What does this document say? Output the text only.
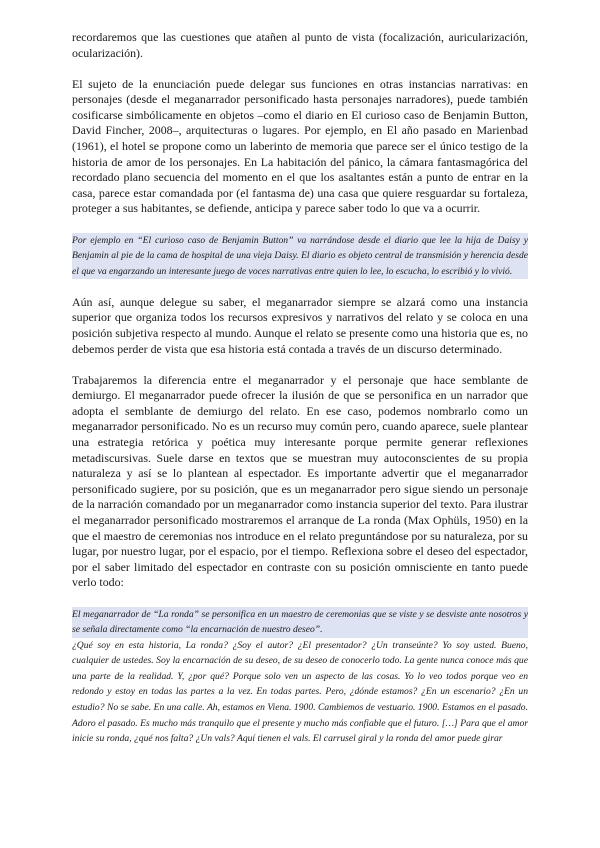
recordaremos que las cuestiones que atañen al punto de vista (focalización, auricularización, ocularización).

El sujeto de la enunciación puede delegar sus funciones en otras instancias narrativas: en personajes (desde el meganarrador personificado hasta personajes narradores), puede también cosificarse simbólicamente en objetos –como el diario en El curioso caso de Benjamin Button, David Fincher, 2008–, arquitecturas o lugares. Por ejemplo, en El año pasado en Marienbad (1961), el hotel se propone como un laberinto de memoria que parece ser el único testigo de la historia de amor de los personajes. En La habitación del pánico, la cámara fantasmagórica del recordado plano secuencia del momento en el que los asaltantes están a punto de entrar en la casa, parece estar comandada por (el fantasma de) una casa que quiere resguardar su fortaleza, proteger a sus habitantes, se defiende, anticipa y parece saber todo lo que va a ocurrir.

Por ejemplo en “El curioso caso de Benjamin Button” va narrándose desde el diario que lee la hija de Daisy y Benjamin al pie de la cama de hospital de una vieja Daisy. El diario es objeto central de transmisión y herencia desde el que va engarzando un interesante juego de voces narrativas entre quien lo lee, lo escucha, lo escribió y lo vivió.

Aún así, aunque delegue su saber, el meganarrador siempre se alzará como una instancia superior que organiza todos los recursos expresivos y narrativos del relato y se coloca en una posición subjetiva respecto al mundo. Aunque el relato se presente como una historia que es, no debemos perder de vista que esa historia está contada a través de un discurso determinado.

Trabajaremos la diferencia entre el meganarrador y el personaje que hace semblante de demiurgo. El meganarrador puede ofrecer la ilusión de que se personifica en un narrador que adopta el semblante de demiurgo del relato. En ese caso, podemos nombrarlo como un meganarrador personificado. No es un recurso muy común pero, cuando aparece, suele plantear una estrategia retórica y poética muy interesante porque permite generar reflexiones metadiscursivas. Suele darse en textos que se muestran muy autoconscientes de su propia naturaleza y así se lo plantean al espectador. Es importante advertir que el meganarrador personificado sugiere, por su posición, que es un meganarrador pero sigue siendo un personaje de la narración comandado por un meganarrador como instancia superior del texto. Para ilustrar el meganarrador personificado mostraremos el arranque de La ronda (Max Ophüls, 1950) en la que el maestro de ceremonias nos introduce en el relato preguntándose por su naturaleza, por su lugar, por nuestro lugar, por el espacio, por el tiempo. Reflexiona sobre el deseo del espectador, por el saber limitado del espectador en contraste con su posición omnisciente en tanto puede verlo todo:

El meganarrador de “La ronda” se personifica en un maestro de ceremonias que se viste y se desviste ante nosotros y se señala directamente como “la encarnación de nuestro deseo”.

¿Qué soy en esta historia, La ronda? ¿Soy el autor? ¿El presentador? ¿Un transeúnte? Yo soy usted. Bueno, cualquier de ustedes. Soy la encarnación de su deseo, de su deseo de conocerlo todo. La gente nunca conoce más que una parte de la realidad. Y, ¿por qué? Porque solo ven un aspecto de las cosas. Yo lo veo todos porque veo en redondo y estoy en todas las partes a la vez. En todas partes. Pero, ¿dónde estamos? ¿En un escenario? ¿En un estudio? No se sabe. En una calle. Ah, estamos en Viena. 1900. Cambiemos de vestuario. 1900. Estamos en el pasado. Adoro el pasado. Es mucho más tranquilo que el presente y mucho más confiable que el futuro. […] Para que el amor inicie su ronda, ¿qué nos falta? ¿Un vals? Aquí tienen el vals. El carrusel giral y la ronda del amor puede girar
